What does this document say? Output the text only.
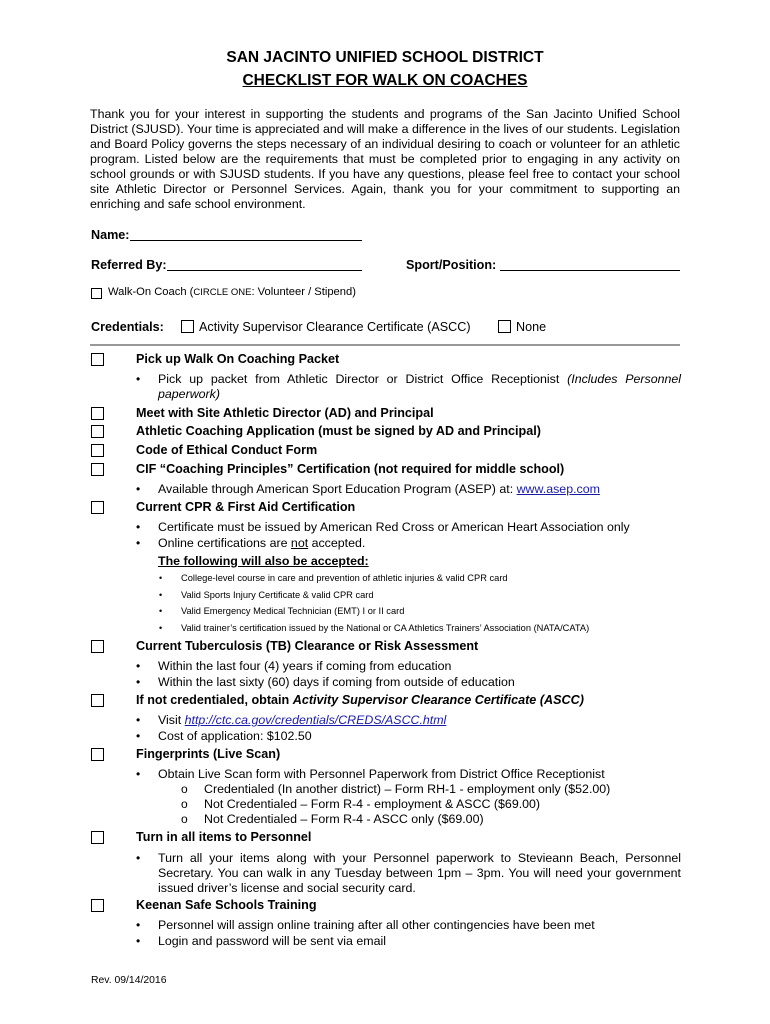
SAN JACINTO UNIFIED SCHOOL DISTRICT
CHECKLIST FOR WALK ON COACHES

Thank you for your interest in supporting the students and programs of the San Jacinto Unified School District (SJUSD). Your time is appreciated and will make a difference in the lives of our students. Legislation and Board Policy governs the steps necessary of an individual desiring to coach or volunteer for an athletic program. Listed below are the requirements that must be completed prior to engaging in any activity on school grounds or with SJUSD students. If you have any questions, please feel free to contact your school site Athletic Director or Personnel Services. Again, thank you for your commitment to supporting an enriching and safe school environment.

Name:
Referred By:	Sport/Position:
Walk-On Coach (CIRCLE ONE: Volunteer / Stipend)
Credentials:	Activity Supervisor Clearance Certificate (ASCC)	None
Pick up Walk On Coaching Packet
•	Pick up packet from Athletic Director or District Office Receptionist (Includes Personnel paperwork)
Meet with Site Athletic Director (AD) and Principal
Athletic Coaching Application (must be signed by AD and Principal)
Code of Ethical Conduct Form
CIF “Coaching Principles” Certification (not required for middle school)
•	Available through American Sport Education Program (ASEP) at: www.asep.com
Current CPR & First Aid Certification
•	Certificate must be issued by American Red Cross or American Heart Association only
•	Online certifications are not accepted.
The following will also be accepted:
• College-level course in care and prevention of athletic injuries & valid CPR card
• Valid Sports Injury Certificate & valid CPR card
• Valid Emergency Medical Technician (EMT) I or II card
• Valid trainer’s certification issued by the National or CA Athletics Trainers’ Association (NATA/CATA)
Current Tuberculosis (TB) Clearance or Risk Assessment
•	Within the last four (4) years if coming from education
•	Within the last sixty (60) days if coming from outside of education
If not credentialed, obtain Activity Supervisor Clearance Certificate (ASCC)
•	Visit http://ctc.ca.gov/credentials/CREDS/ASCC.html
•	Cost of application: $102.50
Fingerprints (Live Scan)
•	Obtain Live Scan form with Personnel Paperwork from District Office Receptionist
o Credentialed (In another district) – Form RH-1 - employment only ($52.00)
o Not Credentialed – Form R-4 - employment & ASCC ($69.00)
o Not Credentialed – Form R-4 - ASCC only ($69.00)
Turn in all items to Personnel
•	Turn all your items along with your Personnel paperwork to Stevieann Beach, Personnel Secretary. You can walk in any Tuesday between 1pm – 3pm. You will need your government issued driver’s license and social security card.
Keenan Safe Schools Training
•	Personnel will assign online training after all other contingencies have been met
•	Login and password will be sent via email
Rev. 09/14/2016
